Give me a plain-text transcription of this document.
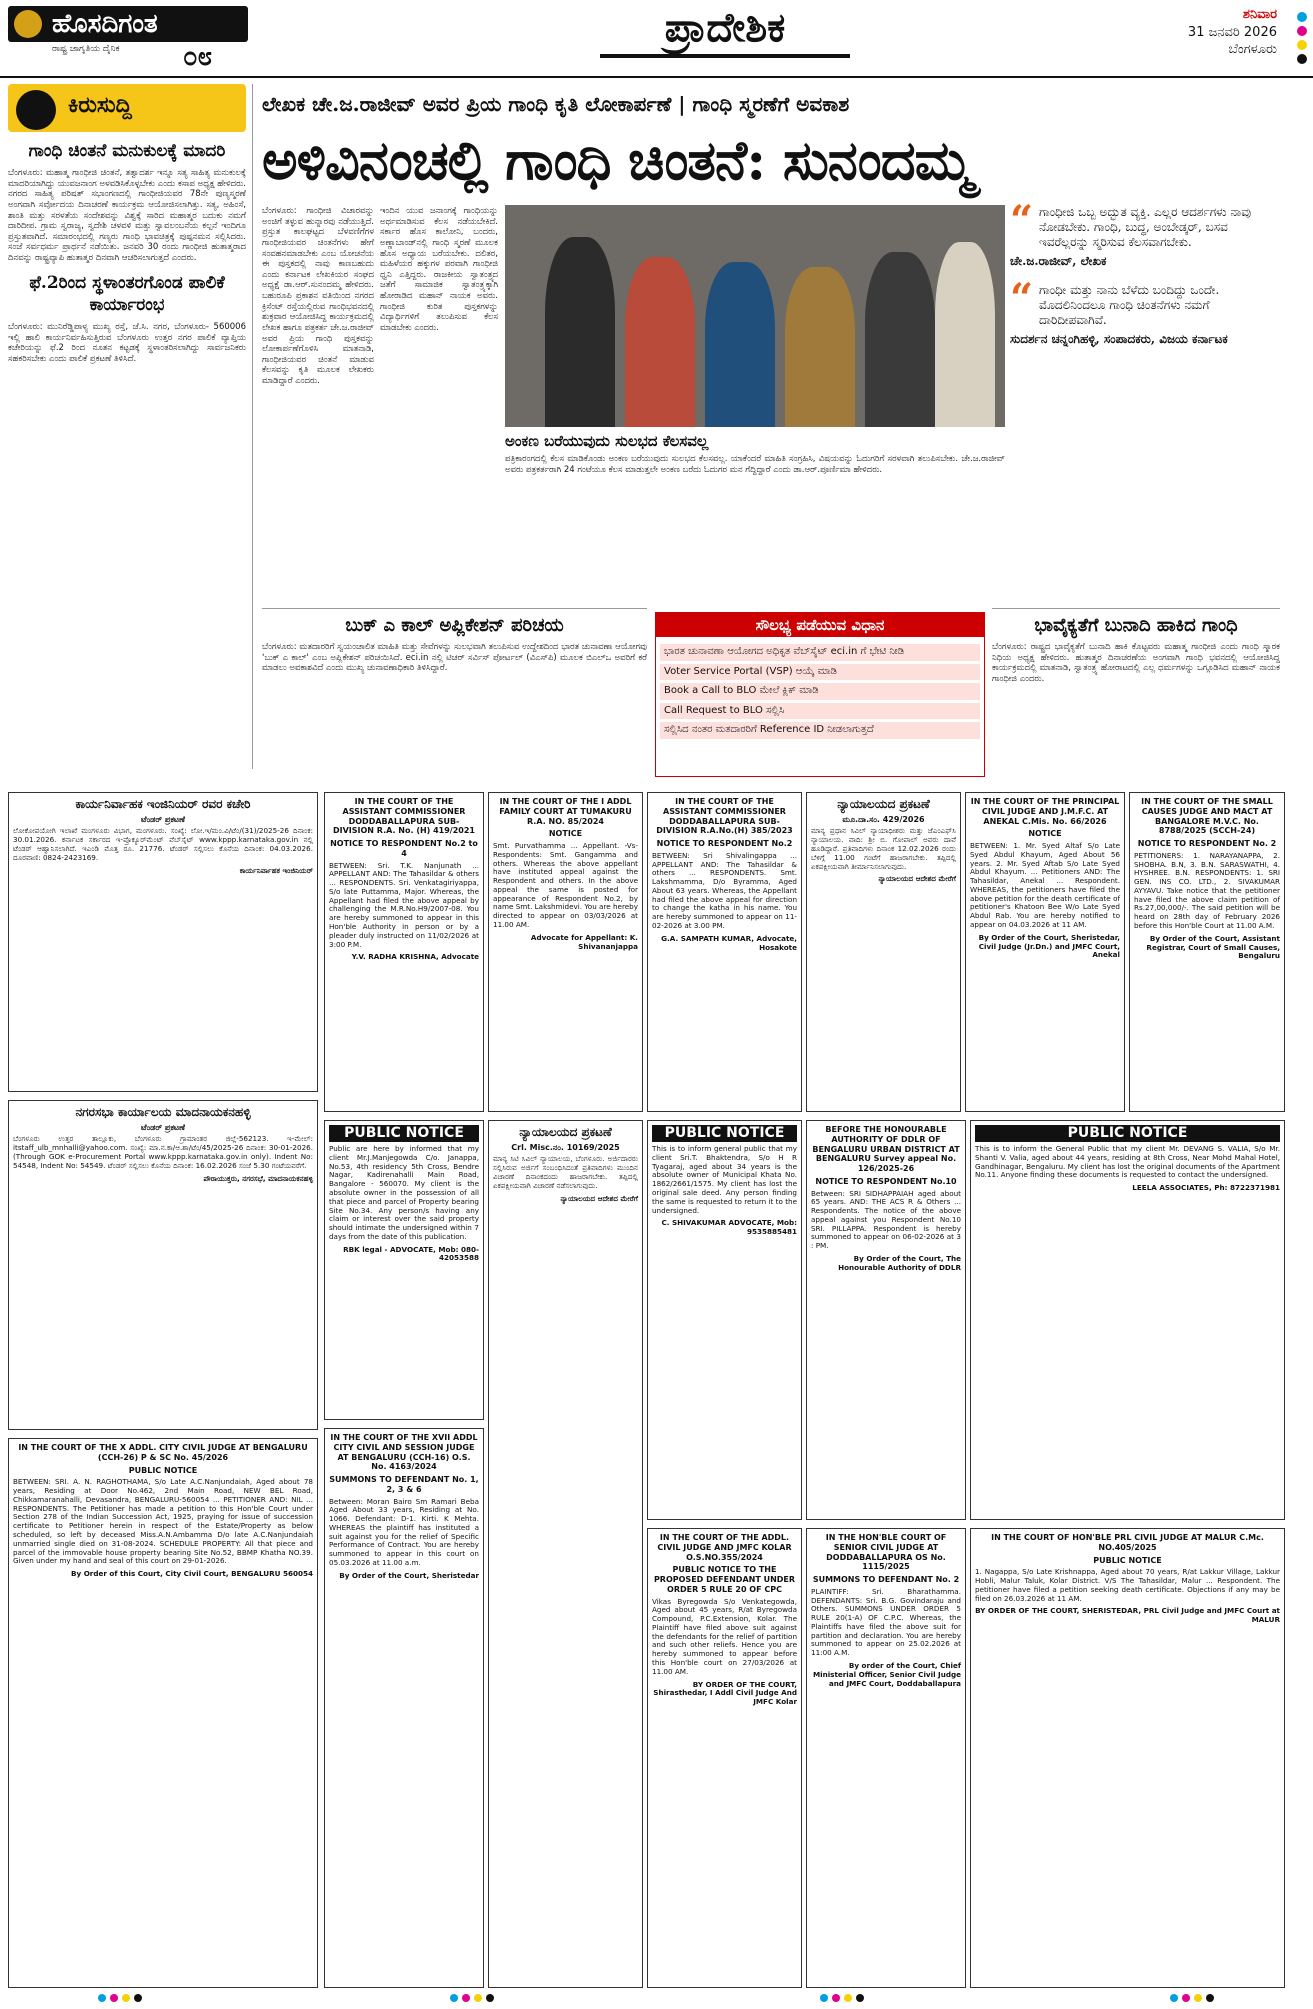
ಹೊಸದಿಗಂತ
ರಾಷ್ಟ್ರ ಜಾಗೃತಿಯ ದೈನಿಕ ೦೮
ಪ್ರಾದೇಶಿಕ	ಶನಿವಾರ
31 ಜನವರಿ 2026
ಬೆಂಗಳೂರು
ಕಿರುಸುದ್ದಿ
ಗಾಂಧಿ ಚಿಂತನೆ ಮನುಕುಲಕ್ಕೆ ಮಾದರಿ

ಬೆಂಗಳೂರು: ಮಹಾತ್ಮ ಗಾಂಧೀಜಿ ಚಿಂತನೆ, ತತ್ವಾದರ್ಶ ಇನ್ನೂ ಸತ್ಯ ಸಾಹಿತ್ಯ ಮನುಕುಲಕ್ಕೆ ಮಾದರಿಯಾಗಿದ್ದು ಯುವಜನಾಂಗ ಅಳವಡಿಸಿಕೊಳ್ಳಬೇಕು ಎಂದು ಕಸಾಪ ಅಧ್ಯಕ್ಷ ಹೇಳಿದರು. ನಗರದ ಸಾಹಿತ್ಯ ಪರಿಷತ್ ಸಭಾಂಗಣದಲ್ಲಿ ಗಾಂಧೀಜಿಯವರ 78ನೇ ಪುಣ್ಯಸ್ಮರಣೆ ಅಂಗವಾಗಿ ಸರ್ವೋದಯ ದಿನಾಚರಣೆ ಕಾರ್ಯಕ್ರಮ ಆಯೋಜಿಸಲಾಗಿತ್ತು. ಸತ್ಯ, ಅಹಿಂಸೆ, ಶಾಂತಿ ಮತ್ತು ಸರಳತೆಯ ಸಂದೇಶವನ್ನು ವಿಶ್ವಕ್ಕೆ ಸಾರಿದ ಮಹಾತ್ಮರ ಬದುಕು ನಮಗೆ ದಾರಿದೀಪ. ಗ್ರಾಮ ಸ್ವರಾಜ್ಯ, ಸ್ವದೇಶಿ ಚಳವಳಿ ಮತ್ತು ಸ್ವಾವಲಂಬನೆಯ ಕಲ್ಪನೆ ಇಂದಿಗೂ ಪ್ರಸ್ತುತವಾಗಿದೆ. ಸಮಾರಂಭದಲ್ಲಿ ಗಣ್ಯರು ಗಾಂಧಿ ಭಾವಚಿತ್ರಕ್ಕೆ ಪುಷ್ಪನಮನ ಸಲ್ಲಿಸಿದರು. ಸಂಜೆ ಸರ್ವಧರ್ಮ ಪ್ರಾರ್ಥನೆ ನಡೆಯಿತು. ಜನವರಿ 30 ರಂದು ಗಾಂಧೀಜಿ ಹುತಾತ್ಮರಾದ ದಿನವನ್ನು ರಾಷ್ಟ್ರವ್ಯಾಪಿ ಹುತಾತ್ಮರ ದಿನವಾಗಿ ಆಚರಿಸಲಾಗುತ್ತದೆ ಎಂದರು.

ಫೆ.2ರಿಂದ ಸ್ಥಳಾಂತರಗೊಂಡ ಪಾಲಿಕೆ ಕಾರ್ಯಾರಂಭ

ಬೆಂಗಳೂರು: ಮುನಿರೆಡ್ಡಿಪಾಳ್ಯ ಮುಖ್ಯ ರಸ್ತೆ, ಜೆ.ಸಿ. ನಗರ, ಬೆಂಗಳೂರು- 560006 ಇಲ್ಲಿ ಹಾಲಿ ಕಾರ್ಯನಿರ್ವಹಿಸುತ್ತಿರುವ ಬೆಂಗಳೂರು ಉತ್ತರ ನಗರ ಪಾಲಿಕೆ ವ್ಯಾಪ್ತಿಯ ಕಚೇರಿಯನ್ನು ಫೆ.2 ರಿಂದ ನೂತನ ಕಟ್ಟಡಕ್ಕೆ ಸ್ಥಳಾಂತರಿಸಲಾಗಿದ್ದು ಸಾರ್ವಜನಿಕರು ಸಹಕರಿಸಬೇಕು ಎಂದು ಪಾಲಿಕೆ ಪ್ರಕಟಣೆ ತಿಳಿಸಿದೆ.

ಲೇಖಕ ಚೇ.ಜ.ರಾಜೀವ್ ಅವರ ಪ್ರಿಯ ಗಾಂಧಿ ಕೃತಿ ಲೋಕಾರ್ಪಣೆ | ಗಾಂಧಿ ಸ್ಮರಣೆಗೆ ಅವಕಾಶ
ಅಳಿವಿನಂಚಲ್ಲಿ ಗಾಂಧಿ ಚಿಂತನೆ: ಸುನಂದಮ್ಮ

ಬೆಂಗಳೂರು: ಗಾಂಧೀಜಿ ವಿಚಾರವನ್ನು ಅಂಚಿಗೆ ತಳ್ಳುವ ಹುನ್ನಾರವು ನಡೆಯುತ್ತಿದೆ. ಪ್ರಸ್ತುತ ಕಾಲಘಟ್ಟದ ಬೆಳವಣಿಗೆಗಳ ಗಾಂಧೀಜಿಯವರ ಚಿಂತನೆಗಳು ಹೇಗೆ ಸಂವಹನಮಾಡಬೇಕು ಎಂಬ ಯೋಚನೆಯ ಈ ಪುಸ್ತಕದಲ್ಲಿ ನಾವು ಕಾಣಬಹುದು ಎಂದು ಕರ್ನಾಟಕ ಲೇಖಕಿಯರ ಸಂಘದ ಅಧ್ಯಕ್ಷೆ ಡಾ.ಆರ್.ಸುನಂದಮ್ಮ ಹೇಳಿದರು. ಬಹುರೂಪಿ ಪ್ರಕಾಶನ ವತಿಯಿಂದ ನಗರದ ಕ್ರಿಸೆಂಟ್ ರಸ್ತೆಯಲ್ಲಿರುವ ಗಾಂಧಿಭವನದಲ್ಲಿ ಶುಕ್ರವಾರ ಆಯೋಜಿಸಿದ್ದ ಕಾರ್ಯಕ್ರಮದಲ್ಲಿ ಲೇಖಕ ಹಾಗೂ ಪತ್ರಕರ್ತ ಚೇ.ಜ.ರಾಜೀವ್ ಅವರ ಪ್ರಿಯ ಗಾಂಧಿ ಪುಸ್ತಕವನ್ನು ಲೋಕಾರ್ಪಣೆಗೊಳಿಸಿ ಮಾತನಾಡಿ, ಗಾಂಧೀಜಿಯವರ ಚಿಂತನೆ ಮಾಡುವ ಕೆಲಸವನ್ನು ಕೃತಿ ಮೂಲಕ ಲೇಖಕರು ಮಾಡಿದ್ದಾರೆ ಎಂದರು.

ಇಂದಿನ ಯುವ ಜನಾಂಗಕ್ಕೆ ಗಾಂಧಿಯನ್ನು ಅರ್ಥಮಾಡಿಸುವ ಕೆಲಸ ನಡೆಯಬೇಕಿದೆ. ಸರ್ಕಾರ ಹೊಸ ಕಾಲೋನಿ, ಬಂದರು, ಅಣ್ಣಾಬಾಂಡ್‌ನಲ್ಲಿ ಗಾಂಧಿ ಸ್ಮರಣೆ ಮೂಲಕ ಹೊಸ ಅಧ್ಯಾಯ ಬರೆಯಬೇಕು. ದಲಿತರ, ಮಹಿಳೆಯರ ಹಕ್ಕುಗಳ ಪರವಾಗಿ ಗಾಂಧೀಜಿ ಧ್ವನಿ ಎತ್ತಿದ್ದರು. ರಾಜಕೀಯ ಸ್ವಾತಂತ್ರ್ಯದ ಜತೆಗೆ ಸಾಮಾಜಿಕ ಸ್ವಾತಂತ್ರ್ಯಕ್ಕಾಗಿ ಹೋರಾಡಿದ ಮಹಾನ್ ನಾಯಕ ಅವರು. ಗಾಂಧೀಜಿ ಕುರಿತ ಪುಸ್ತಕಗಳನ್ನು ವಿದ್ಯಾರ್ಥಿಗಳಿಗೆ ತಲುಪಿಸುವ ಕೆಲಸ ಮಾಡಬೇಕು ಎಂದರು.

ಅಂಕಣ ಬರೆಯುವುದು ಸುಲಭದ ಕೆಲಸವಲ್ಲ

ಪತ್ರಿಕಾರಂಗದಲ್ಲಿ ಕೆಲಸ ಮಾಡಿಕೊಂಡು ಅಂಕಣ ಬರೆಯುವುದು ಸುಲಭದ ಕೆಲಸವಲ್ಲ. ಯಾಕೆಂದರೆ ಮಾಹಿತಿ ಸಂಗ್ರಹಿಸಿ, ವಿಷಯವನ್ನು ಓದುಗರಿಗೆ ಸರಳವಾಗಿ ತಲುಪಿಸಬೇಕು. ಚೇ.ಜ.ರಾಜೀವ್ ಅವರು ಪತ್ರಕರ್ತರಾಗಿ 24 ಗಂಟೆಯೂ ಕೆಲಸ ಮಾಡುತ್ತಲೇ ಅಂಕಣ ಬರೆದು ಓದುಗರ ಮನ ಗೆದ್ದಿದ್ದಾರೆ ಎಂದು ಡಾ.ಆರ್.ಪೂರ್ಣಿಮಾ ಹೇಳಿದರು.

“ ಗಾಂಧೀಜಿ ಒಬ್ಬ ಅದ್ಭುತ ವ್ಯಕ್ತಿ. ಎಲ್ಲರ ಆದರ್ಶಗಳು ನಾವು ನೋಡಬೇಕು. ಗಾಂಧಿ, ಬುದ್ಧ, ಅಂಬೇಡ್ಕರ್, ಬಸವ ಇವರೆಲ್ಲರನ್ನು ಸ್ಮರಿಸುವ ಕೆಲಸವಾಗಬೇಕು.
ಚೇ.ಜ.ರಾಜೀವ್, ಲೇಖಕ
“ ಗಾಂಧೀ ಮತ್ತು ನಾನು ಬೆಳೆದು ಬಂದಿದ್ದು ಒಂದೇ. ಮೊದಲಿನಿಂದಲೂ ಗಾಂಧಿ ಚಿಂತನೆಗಳು ನಮಗೆ ದಾರಿದೀಪವಾಗಿವೆ.
ಸುದರ್ಶನ ಚನ್ನಂಗಿಹಳ್ಳಿ, ಸಂಪಾದಕರು, ವಿಜಯ ಕರ್ನಾಟಕ
ಬುಕ್ ಎ ಕಾಲ್ ಅಪ್ಲಿಕೇಶನ್ ಪರಿಚಯ

ಬೆಂಗಳೂರು: ಮತದಾರರಿಗೆ ಸ್ವಯಂಚಾಲಿತ ಮಾಹಿತಿ ಮತ್ತು ಸೇವೆಗಳನ್ನು ಸುಲಭವಾಗಿ ತಲುಪಿಸುವ ಉದ್ದೇಶದಿಂದ ಭಾರತ ಚುನಾವಣಾ ಆಯೋಗವು 'ಬುಕ್ ಎ ಕಾಲ್' ಎಂಬ ಅಪ್ಲಿಕೇಶನ್ ಪರಿಚಯಿಸಿದೆ. eci.in ನಲ್ಲಿ ಟಿಚರ್ ಸರ್ವಿಸ್ ಪೋರ್ಟಲ್ (ವಿಎಸ್‌ಪಿ) ಮೂಲಕ ಬಿಎಲ್‌ಒ ಅವರಿಗೆ ಕರೆ ಮಾಡಲು ಅವಕಾಶವಿದೆ ಎಂದು ಮುಖ್ಯ ಚುನಾವಣಾಧಿಕಾರಿ ತಿಳಿಸಿದ್ದಾರೆ.

ಸೌಲಭ್ಯ ಪಡೆಯುವ ವಿಧಾನ
ಭಾರತ ಚುನಾವಣಾ ಆಯೋಗದ ಅಧಿಕೃತ ವೆಬ್‌ಸೈಟ್ eci.in ಗೆ ಭೇಟಿ ನೀಡಿ
Voter Service Portal (VSP) ಆಯ್ಕೆ ಮಾಡಿ
Book a Call to BLO ಮೇಲೆ ಕ್ಲಿಕ್ ಮಾಡಿ
Call Request to BLO ಸಲ್ಲಿಸಿ
ಸಲ್ಲಿಸಿದ ನಂತರ ಮತದಾರರಿಗೆ Reference ID ನೀಡಲಾಗುತ್ತದೆ
ಭಾವೈಕ್ಯತೆಗೆ ಬುನಾದಿ ಹಾಕಿದ ಗಾಂಧಿ

ಬೆಂಗಳೂರು: ರಾಷ್ಟ್ರದ ಭಾವೈಕ್ಯತೆಗೆ ಬುನಾದಿ ಹಾಕಿ ಕೊಟ್ಟವರು ಮಹಾತ್ಮ ಗಾಂಧೀಜಿ ಎಂದು ಗಾಂಧಿ ಸ್ಮಾರಕ ನಿಧಿಯ ಅಧ್ಯಕ್ಷ ಹೇಳಿದರು. ಹುತಾತ್ಮರ ದಿನಾಚರಣೆಯ ಅಂಗವಾಗಿ ಗಾಂಧಿ ಭವನದಲ್ಲಿ ಆಯೋಜಿಸಿದ್ದ ಕಾರ್ಯಕ್ರಮದಲ್ಲಿ ಮಾತನಾಡಿ, ಸ್ವಾತಂತ್ರ್ಯ ಹೋರಾಟದಲ್ಲಿ ಎಲ್ಲ ಧರ್ಮಗಳನ್ನು ಒಗ್ಗೂಡಿಸಿದ ಮಹಾನ್ ನಾಯಕ ಗಾಂಧೀಜಿ ಎಂದರು.

ಕಾರ್ಯನಿರ್ವಾಹಕ ಇಂಜಿನಿಯರ್ ರವರ ಕಚೇರಿ
ಟೆಂಡರ್ ಪ್ರಕಟಣೆ

ಲೋಕೋಪಯೋಗಿ ಇಲಾಖೆ ಮಂಗಳೂರು ವಿಭಾಗ, ಮಂಗಳೂರು. ಸಂಖ್ಯೆ: ಲೋ.ಇ/ಮಂ.ವಿ/ಟೆಂ/(31)/2025-26 ದಿನಾಂಕ: 30.01.2026. ಕರ್ನಾಟಕ ಸರ್ಕಾರದ ಇ-ಪ್ರೊಕ್ಯೂರ್‌ಮೆಂಟ್ ವೆಬ್‌ಸೈಟ್ www.kppp.karnataka.gov.in ನಲ್ಲಿ ಟೆಂಡರ್ ಆಹ್ವಾನಿಸಲಾಗಿದೆ. ಇಎಂಡಿ ಮೊತ್ತ ರೂ. 21776. ಟೆಂಡರ್ ಸಲ್ಲಿಸಲು ಕೊನೆಯ ದಿನಾಂಕ: 04.03.2026. ದೂರವಾಣಿ: 0824-2423169.

ಕಾರ್ಯನಿರ್ವಾಹಕ ಇಂಜಿನಿಯರ್
ನಗರಸಭಾ ಕಾರ್ಯಾಲಯ ಮಾದನಾಯಕನಹಳ್ಳಿ
ಟೆಂಡರ್ ಪ್ರಕಟಣೆ

ಬೆಂಗಳೂರು ಉತ್ತರ ತಾಲ್ಲೂಕು, ಬೆಂಗಳೂರು ಗ್ರಾಮಾಂತರ ಜಿಲ್ಲೆ-562123. ಇ-ಮೇಲ್: itstaff_ulb_mnhalli@yahoo.com. ಸಂಖ್ಯೆ: ಮಾ.ನ.ಕಾ/ಆ.ಶಾ/ಟೆಂ/45/2025-26 ದಿನಾಂಕ: 30-01-2026. (Through GOK e-Procurement Portal www.kppp.karnataka.gov.in only). Indent No: 54548, Indent No: 54549. ಟೆಂಡರ್ ಸಲ್ಲಿಸಲು ಕೊನೆಯ ದಿನಾಂಕ: 16.02.2026 ಸಂಜೆ 5.30 ಗಂಟೆಯವರೆಗೆ.

ಪೌರಾಯುಕ್ತರು, ನಗರಸಭೆ, ಮಾದನಾಯಕನಹಳ್ಳಿ
IN THE COURT OF THE X ADDL. CITY CIVIL JUDGE AT BENGALURU (CCH-26) P & SC No. 45/2026
PUBLIC NOTICE

BETWEEN: SRI. A. N. RAGHOTHAMA, S/o Late A.C.Nanjundaiah, Aged about 78 years, Residing at Door No.462, 2nd Main Road, NEW BEL Road, Chikkamaranahalli, Devasandra, BENGALURU-560054 ... PETITIONER AND: NIL ... RESPONDENTS. The Petitioner has made a petition to this Hon'ble Court under Section 278 of the Indian Succession Act, 1925, praying for issue of succession certificate to Petitioner herein in respect of the Estate/Property as below scheduled, so left by deceased Miss.A.N.Ambamma D/o late A.C.Nanjundaiah unmarried single died on 31-08-2024. SCHEDULE PROPERTY: All that piece and parcel of the immovable house property bearing Site No.52, BBMP Khatha NO.39. Given under my hand and seal of this court on 29-01-2026.

By Order of this Court, City Civil Court, BENGALURU 560054
IN THE COURT OF THE ASSISTANT COMMISSIONER DODDABALLAPURA SUB-DIVISION R.A. No. (H) 419/2021
NOTICE TO RESPONDENT No.2 to 4

BETWEEN: Sri. T.K. Nanjunath ... APPELLANT AND: The Tahasildar & others ... RESPONDENTS. Sri. Venkatagiriyappa, S/o late Puttamma, Major. Whereas, the Appellant had filed the above appeal by challenging the M.R.No.H9/2007-08. You are hereby summoned to appear in this Hon'ble Authority in person or by a pleader duly instructed on 11/02/2026 at 3:00 P.M.

Y.V. RADHA KRISHNA, Advocate
IN THE COURT OF THE I ADDL FAMILY COURT AT TUMAKURU R.A. NO. 85/2024
NOTICE

Smt. Purvathamma ... Appellant. -Vs- Respondents: Smt. Gangamma and others. Whereas the above appellant have instituted appeal against the Respondent and others. In the above appeal the same is posted for appearance of Respondent No.2, by name Smt. Lakshmidevi. You are hereby directed to appear on 03/03/2026 at 11.00 AM.

Advocate for Appellant: K. Shivananjappa
IN THE COURT OF THE ASSISTANT COMMISSIONER DODDABALLAPURA SUB-DIVISION R.A.No.(H) 385/2023
NOTICE TO RESPONDENT No.2

BETWEEN: Sri Shivalingappa ... APPELLANT AND: The Tahasildar & others ... RESPONDENTS. Smt. Lakshmamma, D/o Byramma, Aged About 63 years. Whereas, the Appellant had filed the above appeal for direction to change the katha in his name. You are hereby summoned to appear on 11-02-2026 at 3.00 PM.

G.A. SAMPATH KUMAR, Advocate, Hosakote
ನ್ಯಾಯಾಲಯದ ಪ್ರಕಟಣೆ
ಮೂ.ದಾ.ಸಂ. 429/2026

ಮಾನ್ಯ ಪ್ರಧಾನ ಸಿವಿಲ್ ನ್ಯಾಯಾಧೀಶರು ಮತ್ತು ಜೆಎಂಎಫ್‌ಸಿ ನ್ಯಾಯಾಲಯ. ವಾದಿ: ಶ್ರೀ ಬಿ. ಗೋಪಾಲ್ ಅವರು ದಾವೆ ಹೂಡಿದ್ದಾರೆ. ಪ್ರತಿವಾದಿಗಳು ದಿನಾಂಕ 12.02.2026 ರಂದು ಬೆಳಿಗ್ಗೆ 11.00 ಗಂಟೆಗೆ ಹಾಜರಾಗಬೇಕು. ತಪ್ಪಿದಲ್ಲಿ ಏಕಪಕ್ಷೀಯವಾಗಿ ತೀರ್ಮಾನಿಸಲಾಗುವುದು.

ನ್ಯಾಯಾಲಯದ ಆದೇಶದ ಮೇರೆಗೆ
IN THE COURT OF THE PRINCIPAL CIVIL JUDGE AND J.M.F.C. AT ANEKAL C.Mis. No. 66/2026
NOTICE

BETWEEN: 1. Mr. Syed Altaf S/o Late Syed Abdul Khayum, Aged About 56 years. 2. Mr. Syed Aftab S/o Late Syed Abdul Khayum. ... Petitioners AND: The Tahasildar, Anekal ... Respondent. WHEREAS, the petitioners have filed the above petition for the death certificate of petitioner's Khatoon Bee W/o Late Syed Abdul Rab. You are hereby notified to appear on 04.03.2026 at 11 AM.

By Order of the Court, Sheristedar, Civil Judge (Jr.Dn.) and JMFC Court, Anekal
IN THE COURT OF THE SMALL CAUSES JUDGE AND MACT AT BANGALORE M.V.C. No. 8788/2025 (SCCH-24)
NOTICE TO RESPONDENT No. 2

PETITIONERS: 1. NARAYANAPPA, 2. SHOBHA. B.N, 3. B.N. SARASWATHI, 4. HYSHREE. B.N. RESPONDENTS: 1. SRI GEN. INS CO. LTD., 2. SIVAKUMAR AYYAVU. Take notice that the petitioner have filed the above claim petition of Rs.27,00,000/-. The said petition will be heard on 28th day of February 2026 before this Hon'ble Court at 11.00 A.M.

By Order of the Court, Assistant Registrar, Court of Small Causes, Bengaluru
PUBLIC NOTICE

Public are here by informed that my client Mr.J.Manjegowda C/o. Janappa, No.53, 4th residency 5th Cross, Bendre Nagar, Kadirenahalli Main Road, Bangalore - 560070. My client is the absolute owner in the possession of all that piece and parcel of Property bearing Site No.34. Any person/s having any claim or interest over the said property should intimate the undersigned within 7 days from the date of this publication.

RBK legal - ADVOCATE, Mob: 080-42053588
IN THE COURT OF THE XVII ADDL CITY CIVIL AND SESSION JUDGE AT BENGALURU (CCH-16) O.S. No. 4163/2024
SUMMONS TO DEFENDANT No. 1, 2, 3 & 6

Between: Moran Bairo Sm Ramari Beba Aged About 33 years, Residing at No. 1066. Defendant: D-1. Kirti. K Mehta. WHEREAS the plaintiff has instituted a suit against you for the relief of Specific Performance of Contract. You are hereby summoned to appear in this court on 05.03.2026 at 11.00 a.m.

By Order of the Court, Sheristedar
ನ್ಯಾಯಾಲಯದ ಪ್ರಕಟಣೆ
Crl. Misc.ನಂ. 10169/2025

ಮಾನ್ಯ ಸಿಟಿ ಸಿವಿಲ್ ನ್ಯಾಯಾಲಯ, ಬೆಂಗಳೂರು. ಅರ್ಜಿದಾರರು ಸಲ್ಲಿಸಿರುವ ಅರ್ಜಿಗೆ ಸಂಬಂಧಿಸಿದಂತೆ ಪ್ರತಿವಾದಿಗಳು ಮುಂದಿನ ವಿಚಾರಣೆ ದಿನಾಂಕದಂದು ಹಾಜರಾಗಬೇಕು. ತಪ್ಪಿದಲ್ಲಿ ಏಕಪಕ್ಷೀಯವಾಗಿ ವಿಚಾರಣೆ ನಡೆಸಲಾಗುವುದು.

ನ್ಯಾಯಾಲಯದ ಆದೇಶದ ಮೇರೆಗೆ
PUBLIC NOTICE

This is to inform general public that my client Sri.T. Bhaktendra, S/o H R Tyagaraj, aged about 34 years is the absolute owner of Municipal Khata No. 1862/2661/1575. My client has lost the original sale deed. Any person finding the same is requested to return it to the undersigned.

C. SHIVAKUMAR ADVOCATE, Mob: 9535885481
BEFORE THE HONOURABLE AUTHORITY OF DDLR OF BENGALURU URBAN DISTRICT AT BENGALURU Survey appeal No. 126/2025-26
NOTICE TO RESPONDENT No.10

Between: SRI SIDHAPPAIAH aged about 65 years. AND: THE ACS R & Others ... Respondents. The notice of the above appeal against you Respondent No.10 SRI. PILLAPPA. Respondent is hereby summoned to appear on 06-02-2026 at 3 : PM.

By Order of the Court, The Honourable Authority of DDLR
PUBLIC NOTICE

This is to inform the General Public that my client Mr. DEVANG S. VALIA, S/o Mr. Shanti V. Valia, aged about 44 years, residing at 8th Cross, Near Mohd Mahal Hotel, Gandhinagar, Bengaluru. My client has lost the original documents of the Apartment No.11. Anyone finding these documents is requested to contact the undersigned.

LEELA ASSOCIATES, Ph: 8722371981
IN THE COURT OF THE ADDL. CIVIL JUDGE AND JMFC KOLAR O.S.NO.355/2024
PUBLIC NOTICE TO THE PROPOSED DEFENDANT UNDER ORDER 5 RULE 20 OF CPC

Vikas Byregowda S/o Venkategowda, Aged about 45 years, R/at Byregowda Compound, P.C.Extension, Kolar. The Plaintiff have filed above suit against the defendants for the relief of partition and such other reliefs. Hence you are hereby summoned to appear before this Hon'ble court on 27/03/2026 at 11.00 AM.

BY ORDER OF THE COURT, Shirasthedar, I Addl Civil Judge And JMFC Kolar
IN THE HON'BLE COURT OF SENIOR CIVIL JUDGE AT DODDABALLAPURA OS No. 1115/2025
SUMMONS TO DEFENDANT No. 2

PLAINTIFF: Sri. Bharathamma. DEFENDANTS: Sri. B.G. Govindaraju and Others. SUMMONS UNDER ORDER 5 RULE 20(1-A) OF C.P.C. Whereas, the Plaintiffs have filed the above suit for partition and declaration. You are hereby summoned to appear on 25.02.2026 at 11:00 A.M.

By order of the Court, Chief Ministerial Officer, Senior Civil Judge and JMFC Court, Doddaballapura
IN THE COURT OF HON'BLE PRL CIVIL JUDGE AT MALUR C.Mc. NO.405/2025
PUBLIC NOTICE

1. Nagappa, S/o Late Krishnappa, Aged about 70 years, R/at Lakkur Village, Lakkur Hobli, Malur Taluk, Kolar District. V/S The Tahasildar, Malur ... Respondent. The petitioner have filed a petition seeking death certificate. Objections if any may be filed on 26.03.2026 at 11 AM.

BY ORDER OF THE COURT, SHERISTEDAR, PRL Civil Judge and JMFC Court at MALUR
